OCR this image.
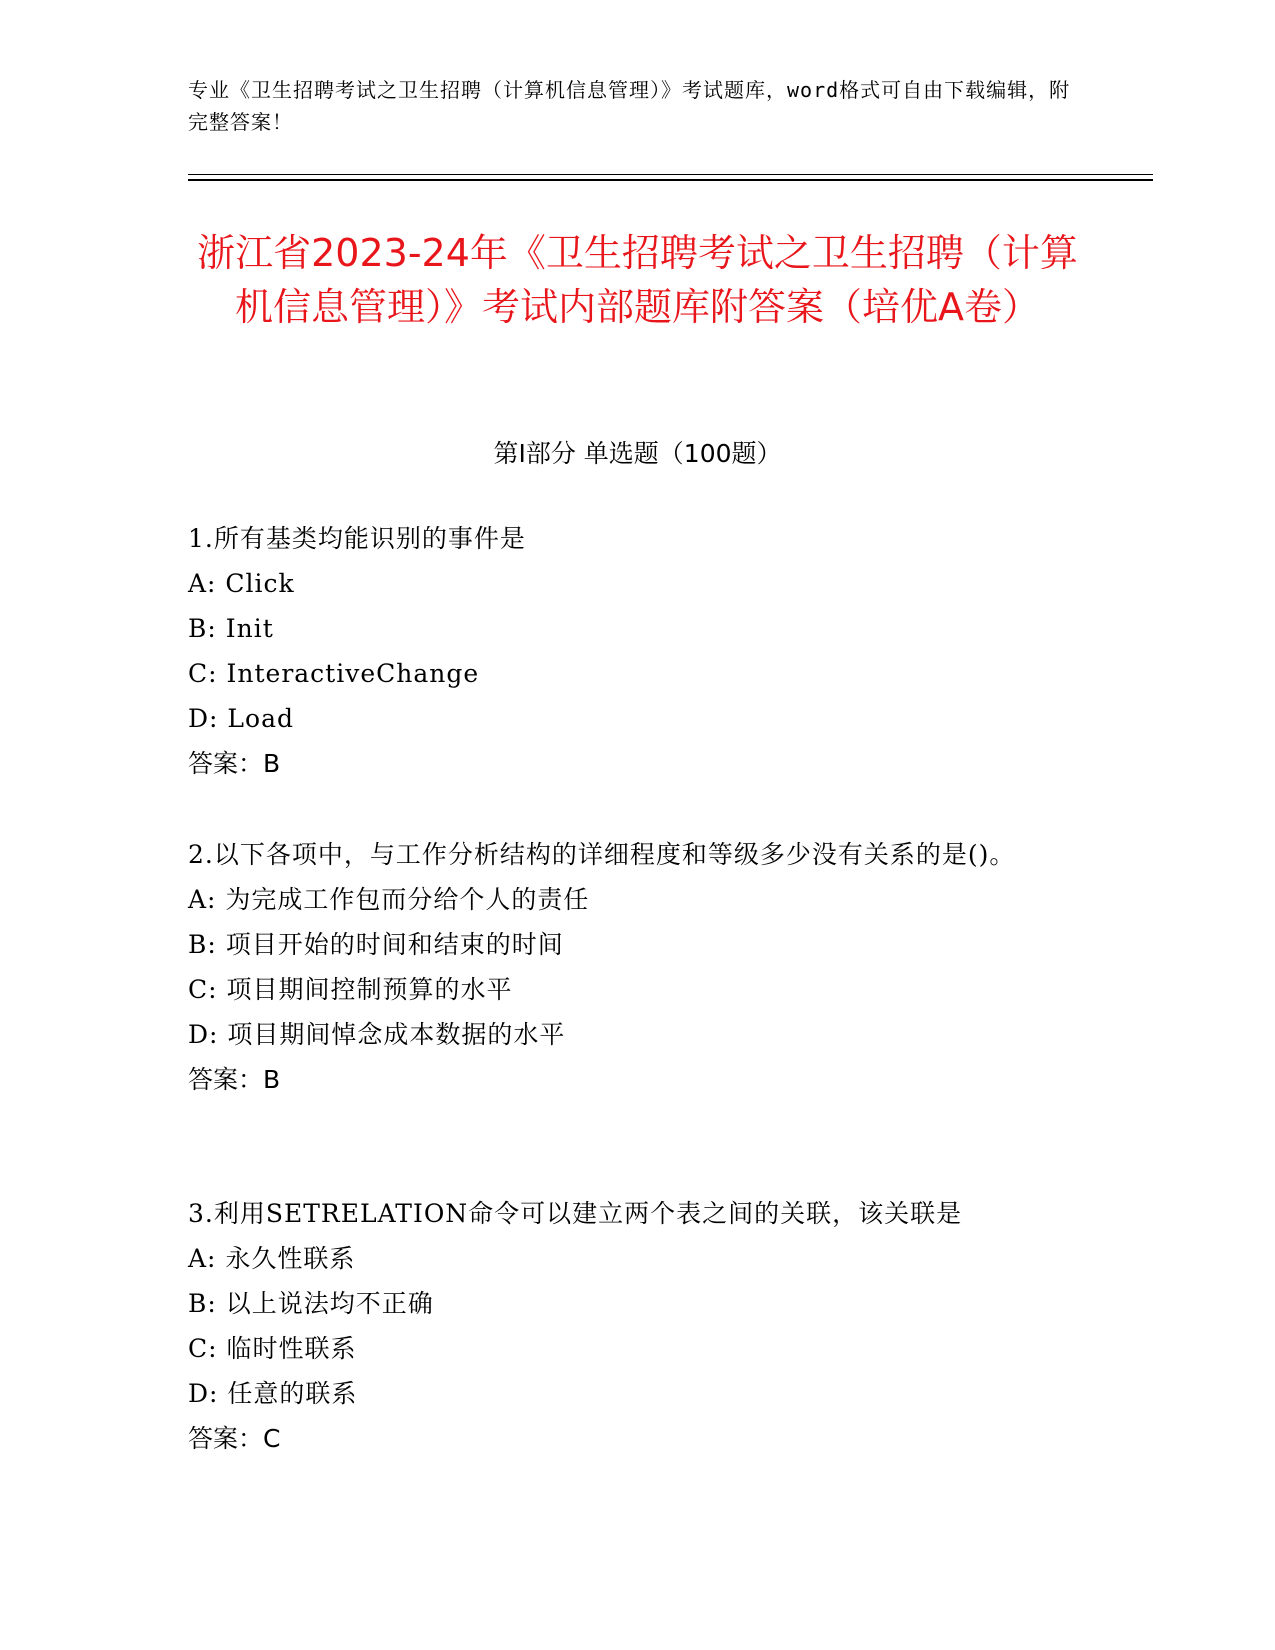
专业《卫生招聘考试之卫生招聘（计算机信息管理）》考试题库，word格式可自由下载编辑，附完整答案！
浙江省2023-24年《卫生招聘考试之卫生招聘（计算机信息管理）》考试内部题库附答案（培优A卷）
第I部分 单选题（100题）
1.所有基类均能识别的事件是
A: Click
B: Init
C: InteractiveChange
D: Load
答案：B
2.以下各项中，与工作分析结构的详细程度和等级多少没有关系的是()。
A: 为完成工作包而分给个人的责任
B: 项目开始的时间和结束的时间
C: 项目期间控制预算的水平
D: 项目期间悼念成本数据的水平
答案：B
3.利用SETRELATION命令可以建立两个表之间的关联，该关联是
A: 永久性联系
B: 以上说法均不正确
C: 临时性联系
D: 任意的联系
答案：C
